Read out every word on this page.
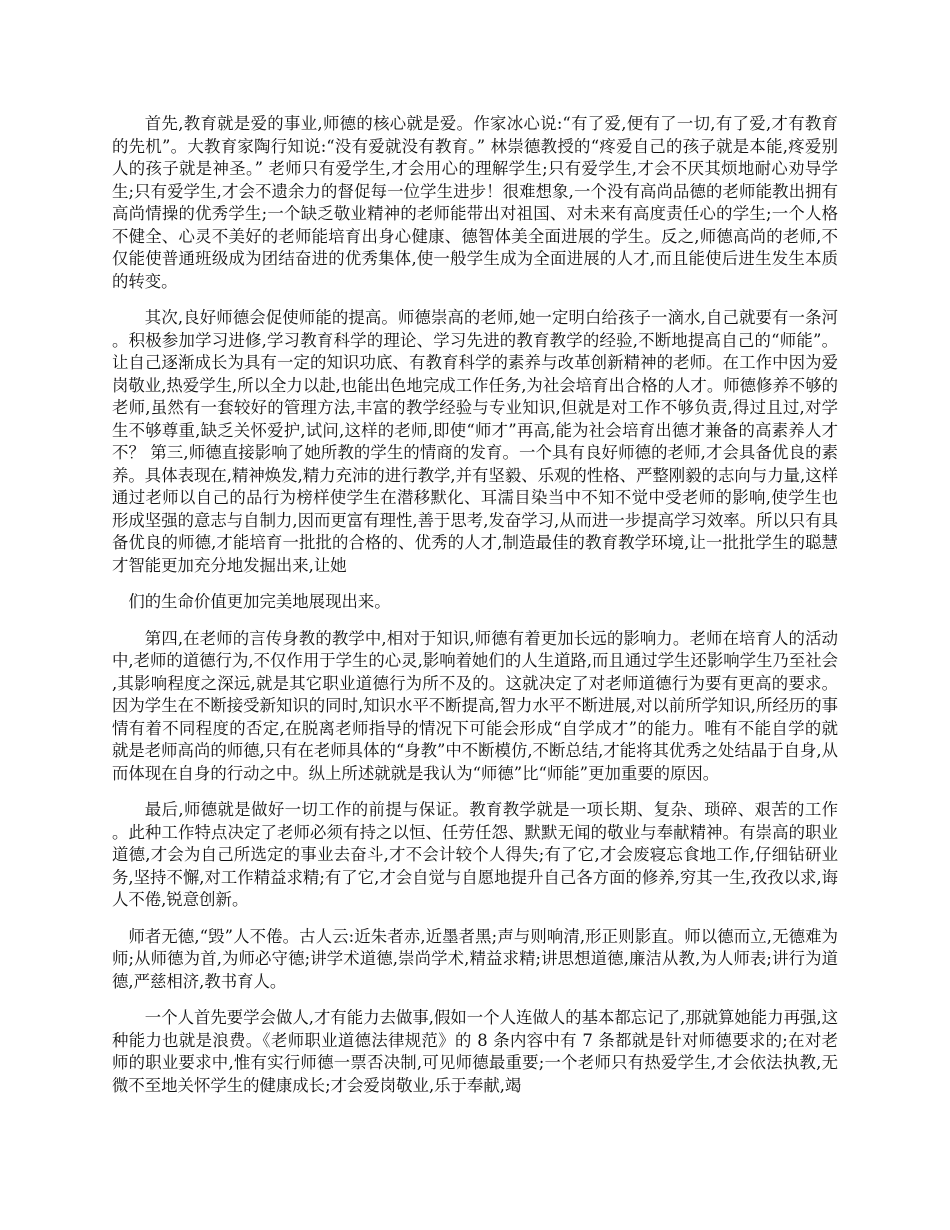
首先,教育就是爱的事业,师德的核心就是爱。作家冰心说:“有了爱,便有了一切,有了爱,才有教育的先机”。大教育家陶行知说:“没有爱就没有教育。” 林崇德教授的“疼爱自己的孩子就是本能,疼爱别人的孩子就是神圣。” 老师只有爱学生,才会用心的理解学生;只有爱学生,才会不厌其烦地耐心劝导学生;只有爱学生,才会不遗余力的督促每一位学生进步！很难想象,一个没有高尚品德的老师能教出拥有高尚情操的优秀学生;一个缺乏敬业精神的老师能带出对祖国、对未来有高度责任心的学生;一个人格不健全、心灵不美好的老师能培育出身心健康、德智体美全面进展的学生。反之,师德高尚的老师,不仅能使普通班级成为团结奋进的优秀集体,使一般学生成为全面进展的人才,而且能使后进生发生本质的转变。

其次,良好师德会促使师能的提高。师德崇高的老师,她一定明白给孩子一滴水,自己就要有一条河。积极参加学习进修,学习教育科学的理论、学习先进的教育教学的经验,不断地提高自己的“师能”。让自己逐渐成长为具有一定的知识功底、有教育科学的素养与改革创新精神的老师。在工作中因为爱岗敬业,热爱学生,所以全力以赴,也能出色地完成工作任务,为社会培育出合格的人才。师德修养不够的老师,虽然有一套较好的管理方法,丰富的教学经验与专业知识,但就是对工作不够负责,得过且过,对学生不够尊重,缺乏关怀爱护,试问,这样的老师,即使“师才”再高,能为社会培育出德才兼备的高素养人才不？ 第三,师德直接影响了她所教的学生的情商的发育。一个具有良好师德的老师,才会具备优良的素养。具体表现在,精神焕发,精力充沛的进行教学,并有坚毅、乐观的性格、严整刚毅的志向与力量,这样通过老师以自己的品行为榜样使学生在潜移默化、耳濡目染当中不知不觉中受老师的影响,使学生也形成坚强的意志与自制力,因而更富有理性,善于思考,发奋学习,从而进一步提高学习效率。所以只有具备优良的师德,才能培育一批批的合格的、优秀的人才,制造最佳的教育教学环境,让一批批学生的聪慧才智能更加充分地发掘出来,让她

们的生命价值更加完美地展现出来。

第四,在老师的言传身教的教学中,相对于知识,师德有着更加长远的影响力。老师在培育人的活动中,老师的道德行为,不仅作用于学生的心灵,影响着她们的人生道路,而且通过学生还影响学生乃至社会,其影响程度之深远,就是其它职业道德行为所不及的。这就决定了对老师道德行为要有更高的要求。因为学生在不断接受新知识的同时,知识水平不断提高,智力水平不断进展,对以前所学知识,所经历的事情有着不同程度的否定,在脱离老师指导的情况下可能会形成“自学成才”的能力。唯有不能自学的就就是老师高尚的师德,只有在老师具体的“身教”中不断模仿,不断总结,才能将其优秀之处结晶于自身,从而体现在自身的行动之中。纵上所述就就是我认为“师德”比“师能”更加重要的原因。

最后,师德就是做好一切工作的前提与保证。教育教学就是一项长期、复杂、琐碎、艰苦的工作。此种工作特点决定了老师必须有持之以恒、任劳任怨、默默无闻的敬业与奉献精神。有崇高的职业道德,才会为自己所选定的事业去奋斗,才不会计较个人得失;有了它,才会废寝忘食地工作,仔细钻研业务,坚持不懈,对工作精益求精;有了它,才会自觉与自愿地提升自己各方面的修养,穷其一生,孜孜以求,诲人不倦,锐意创新。

师者无德,“毁”人不倦。古人云:近朱者赤,近墨者黑;声与则响清,形正则影直。师以德而立,无德难为师;从师德为首,为师必守德;讲学术道德,崇尚学术,精益求精;讲思想道德,廉洁从教,为人师表;讲行为道德,严慈相济,教书育人。

一个人首先要学会做人,才有能力去做事,假如一个人连做人的基本都忘记了,那就算她能力再强,这种能力也就是浪费。《老师职业道德法律规范》的 8 条内容中有 7 条都就是针对师德要求的;在对老师的职业要求中,惟有实行师德一票否决制,可见师德最重要;一个老师只有热爱学生,才会依法执教,无微不至地关怀学生的健康成长;才会爱岗敬业,乐于奉献,竭
